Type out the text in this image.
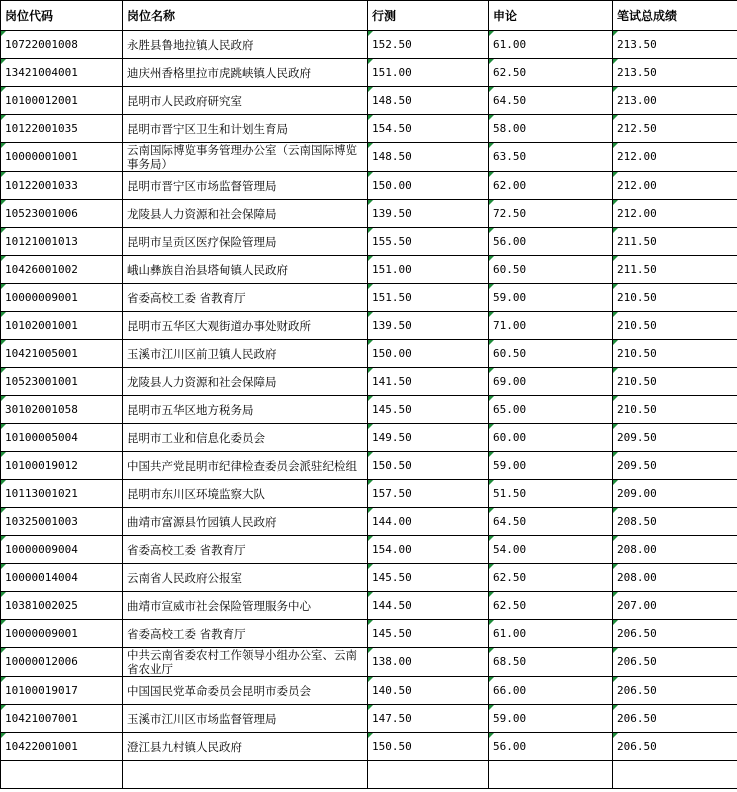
岗位代码	岗位名称	行测	申论	笔试总成绩
10722001008	永胜县鲁地拉镇人民政府	152.50	61.00	213.50
13421004001	迪庆州香格里拉市虎跳峡镇人民政府	151.00	62.50	213.50
10100012001	昆明市人民政府研究室	148.50	64.50	213.00
10122001035	昆明市晋宁区卫生和计划生育局	154.50	58.00	212.50
10000001001	云南国际博览事务管理办公室（云南国际博览事务局）	148.50	63.50	212.00
10122001033	昆明市晋宁区市场监督管理局	150.00	62.00	212.00
10523001006	龙陵县人力资源和社会保障局	139.50	72.50	212.00
10121001013	昆明市呈贡区医疗保险管理局	155.50	56.00	211.50
10426001002	峨山彝族自治县塔甸镇人民政府	151.00	60.50	211.50
10000009001	省委高校工委 省教育厅	151.50	59.00	210.50
10102001001	昆明市五华区大观街道办事处财政所	139.50	71.00	210.50
10421005001	玉溪市江川区前卫镇人民政府	150.00	60.50	210.50
10523001001	龙陵县人力资源和社会保障局	141.50	69.00	210.50
30102001058	昆明市五华区地方税务局	145.50	65.00	210.50
10100005004	昆明市工业和信息化委员会	149.50	60.00	209.50
10100019012	中国共产党昆明市纪律检查委员会派驻纪检组	150.50	59.00	209.50
10113001021	昆明市东川区环境监察大队	157.50	51.50	209.00
10325001003	曲靖市富源县竹园镇人民政府	144.00	64.50	208.50
10000009004	省委高校工委 省教育厅	154.00	54.00	208.00
10000014004	云南省人民政府公报室	145.50	62.50	208.00
10381002025	曲靖市宣威市社会保险管理服务中心	144.50	62.50	207.00
10000009001	省委高校工委 省教育厅	145.50	61.00	206.50
10000012006	中共云南省委农村工作领导小组办公室、云南省农业厅	138.00	68.50	206.50
10100019017	中国国民党革命委员会昆明市委员会	140.50	66.00	206.50
10421007001	玉溪市江川区市场监督管理局	147.50	59.00	206.50
10422001001	澄江县九村镇人民政府	150.50	56.00	206.50
